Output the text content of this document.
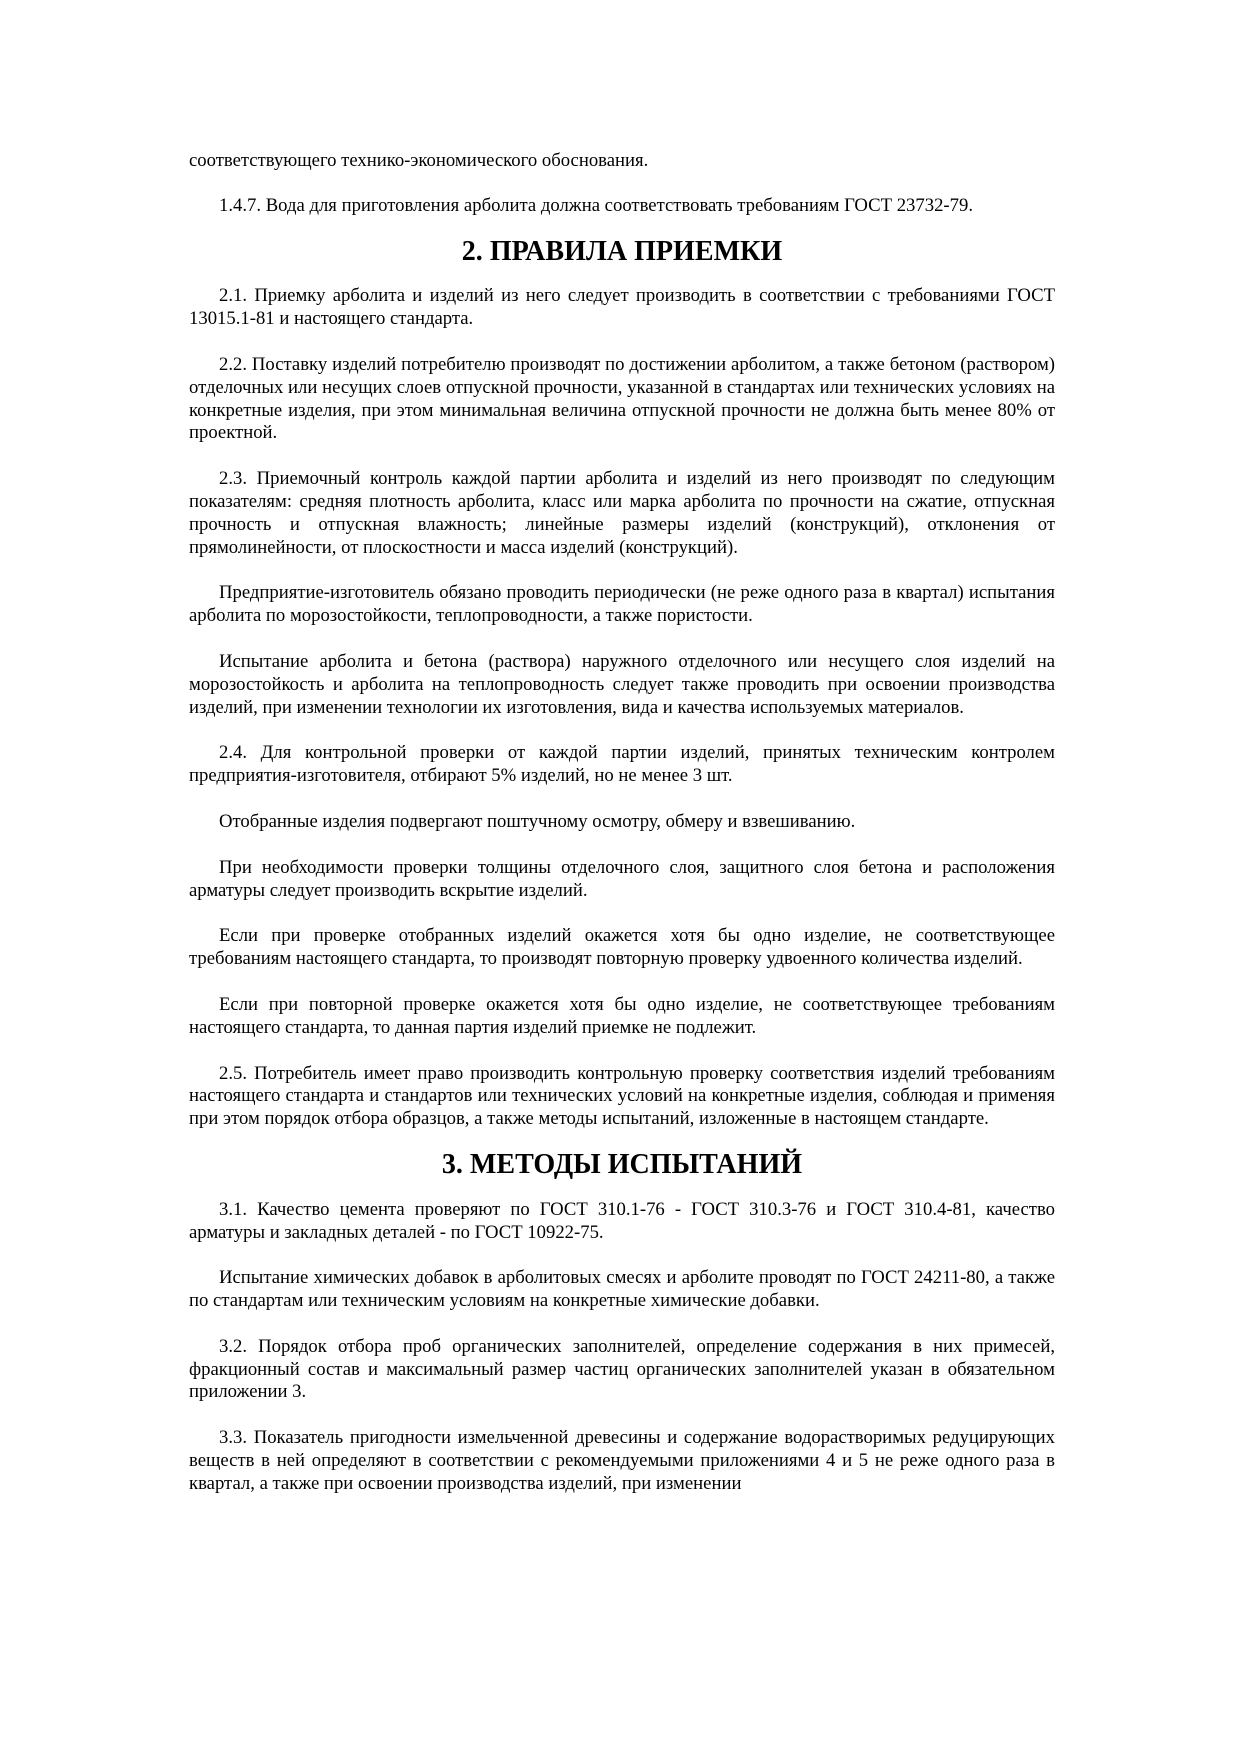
соответствующего технико-экономического обоснования.

1.4.7. Вода для приготовления арболита должна соответствовать требованиям ГОСТ 23732-79.

2. ПРАВИЛА ПРИЕМКИ

2.1. Приемку арболита и изделий из него следует производить в соответствии с требованиями ГОСТ 13015.1-81 и настоящего стандарта.

2.2. Поставку изделий потребителю производят по достижении арболитом, а также бетоном (раствором) отделочных или несущих слоев отпускной прочности, указанной в стандартах или технических условиях на конкретные изделия, при этом минимальная величина отпускной прочности не должна быть менее 80% от проектной.

2.3. Приемочный контроль каждой партии арболита и изделий из него производят по следующим показателям: средняя плотность арболита, класс или марка арболита по прочности на сжатие, отпускная прочность и отпускная влажность; линейные размеры изделий (конструкций), отклонения от прямолинейности, от плоскостности и масса изделий (конструкций).

Предприятие-изготовитель обязано проводить периодически (не реже одного раза в квартал) испытания арболита по морозостойкости, теплопроводности, а также пористости.

Испытание арболита и бетона (раствора) наружного отделочного или несущего слоя изделий на морозостойкость и арболита на теплопроводность следует также проводить при освоении производства изделий, при изменении технологии их изготовления, вида и качества используемых материалов.

2.4. Для контрольной проверки от каждой партии изделий, принятых техническим контролем предприятия-изготовителя, отбирают 5% изделий, но не менее 3 шт.

Отобранные изделия подвергают поштучному осмотру, обмеру и взвешиванию.

При необходимости проверки толщины отделочного слоя, защитного слоя бетона и расположения арматуры следует производить вскрытие изделий.

Если при проверке отобранных изделий окажется хотя бы одно изделие, не соответствующее требованиям настоящего стандарта, то производят повторную проверку удвоенного количества изделий.

Если при повторной проверке окажется хотя бы одно изделие, не соответствующее требованиям настоящего стандарта, то данная партия изделий приемке не подлежит.

2.5. Потребитель имеет право производить контрольную проверку соответствия изделий требованиям настоящего стандарта и стандартов или технических условий на конкретные изделия, соблюдая и применяя при этом порядок отбора образцов, а также методы испытаний, изложенные в настоящем стандарте.

3. МЕТОДЫ ИСПЫТАНИЙ

3.1. Качество цемента проверяют по ГОСТ 310.1-76 - ГОСТ 310.3-76 и ГОСТ 310.4-81, качество арматуры и закладных деталей - по ГОСТ 10922-75.

Испытание химических добавок в арболитовых смесях и арболите проводят по ГОСТ 24211-80, а также по стандартам или техническим условиям на конкретные химические добавки.

3.2. Порядок отбора проб органических заполнителей, определение содержания в них примесей, фракционный состав и максимальный размер частиц органических заполнителей указан в обязательном приложении 3.

3.3. Показатель пригодности измельченной древесины и содержание водорастворимых редуцирующих веществ в ней определяют в соответствии с рекомендуемыми приложениями 4 и 5 не реже одного раза в квартал, а также при освоении производства изделий, при изменении
